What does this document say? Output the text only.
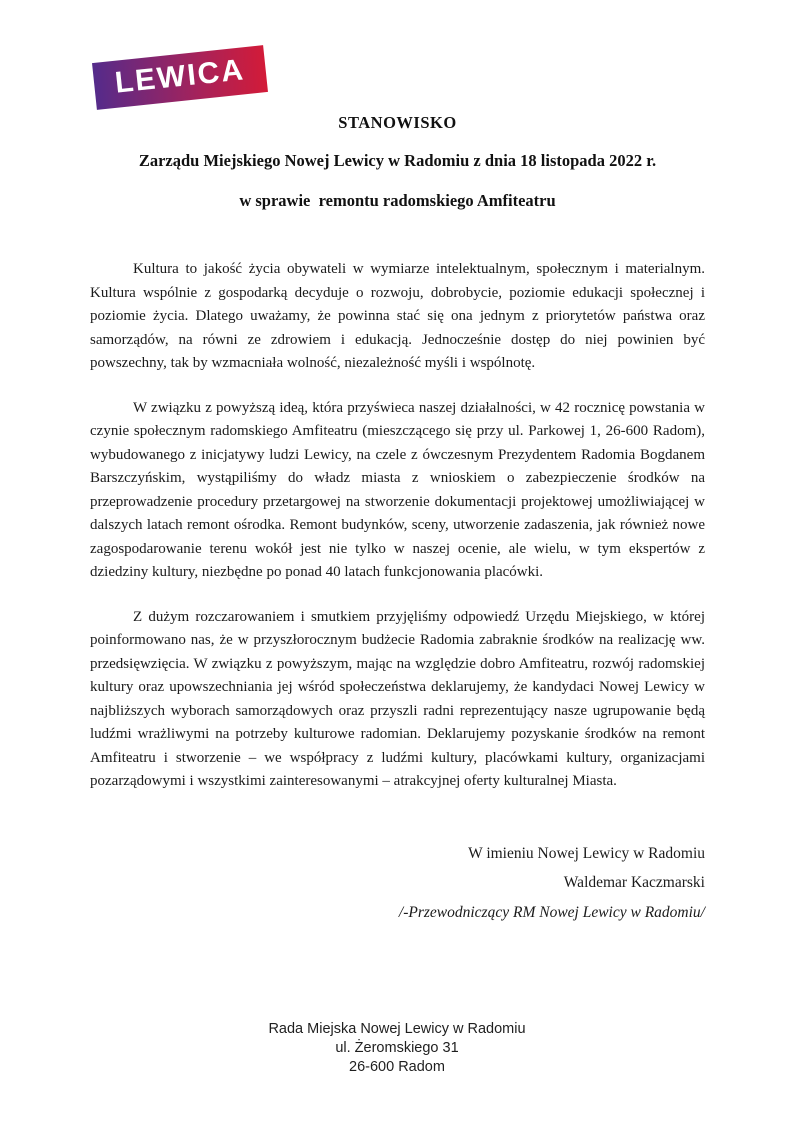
LEWICA
STANOWISKO
Zarządu Miejskiego Nowej Lewicy w Radomiu z dnia 18 listopada 2022 r.
w sprawie  remontu radomskiego Amfiteatru

Kultura to jakość życia obywateli w wymiarze intelektualnym, społecznym i materialnym. Kultura wspólnie z gospodarką decyduje o rozwoju, dobrobycie, poziomie edukacji społecznej i poziomie życia. Dlatego uważamy, że powinna stać się ona jednym z priorytetów państwa oraz samorządów, na równi ze zdrowiem i edukacją. Jednocześnie dostęp do niej powinien być powszechny, tak by wzmacniała wolność, niezależność myśli i wspólnotę.

W związku z powyższą ideą, która przyświeca naszej działalności, w 42 rocznicę powstania w czynie społecznym radomskiego Amfiteatru (mieszczącego się przy ul. Parkowej 1, 26-600 Radom), wybudowanego z inicjatywy ludzi Lewicy, na czele z ówczesnym Prezydentem Radomia Bogdanem Barszczyńskim, wystąpiliśmy do władz miasta z wnioskiem o zabezpieczenie środków na przeprowadzenie procedury przetargowej na stworzenie dokumentacji projektowej umożliwiającej w dalszych latach remont ośrodka. Remont budynków, sceny, utworzenie zadaszenia, jak również nowe zagospodarowanie terenu wokół jest nie tylko w naszej ocenie, ale wielu, w tym ekspertów z dziedziny kultury, niezbędne po ponad 40 latach funkcjonowania placówki.

Z dużym rozczarowaniem i smutkiem przyjęliśmy odpowiedź Urzędu Miejskiego, w której poinformowano nas, że w przyszłorocznym budżecie Radomia zabraknie środków na realizację ww. przedsięwzięcia. W związku z powyższym, mając na względzie dobro Amfiteatru, rozwój radomskiej kultury oraz upowszechniania jej wśród społeczeństwa deklarujemy, że kandydaci Nowej Lewicy w najbliższych wyborach samorządowych oraz przyszli radni reprezentujący nasze ugrupowanie będą ludźmi wrażliwymi na potrzeby kulturowe radomian. Deklarujemy pozyskanie środków na remont Amfiteatru i stworzenie – we współpracy z ludźmi kultury, placówkami kultury, organizacjami pozarządowymi i wszystkimi zainteresowanymi – atrakcyjnej oferty kulturalnej Miasta.

W imieniu Nowej Lewicy w Radomiu
Waldemar Kaczmarski
/-Przewodniczący RM Nowej Lewicy w Radomiu/
Rada Miejska Nowej Lewicy w Radomiu
ul. Żeromskiego 31
26-600 Radom
